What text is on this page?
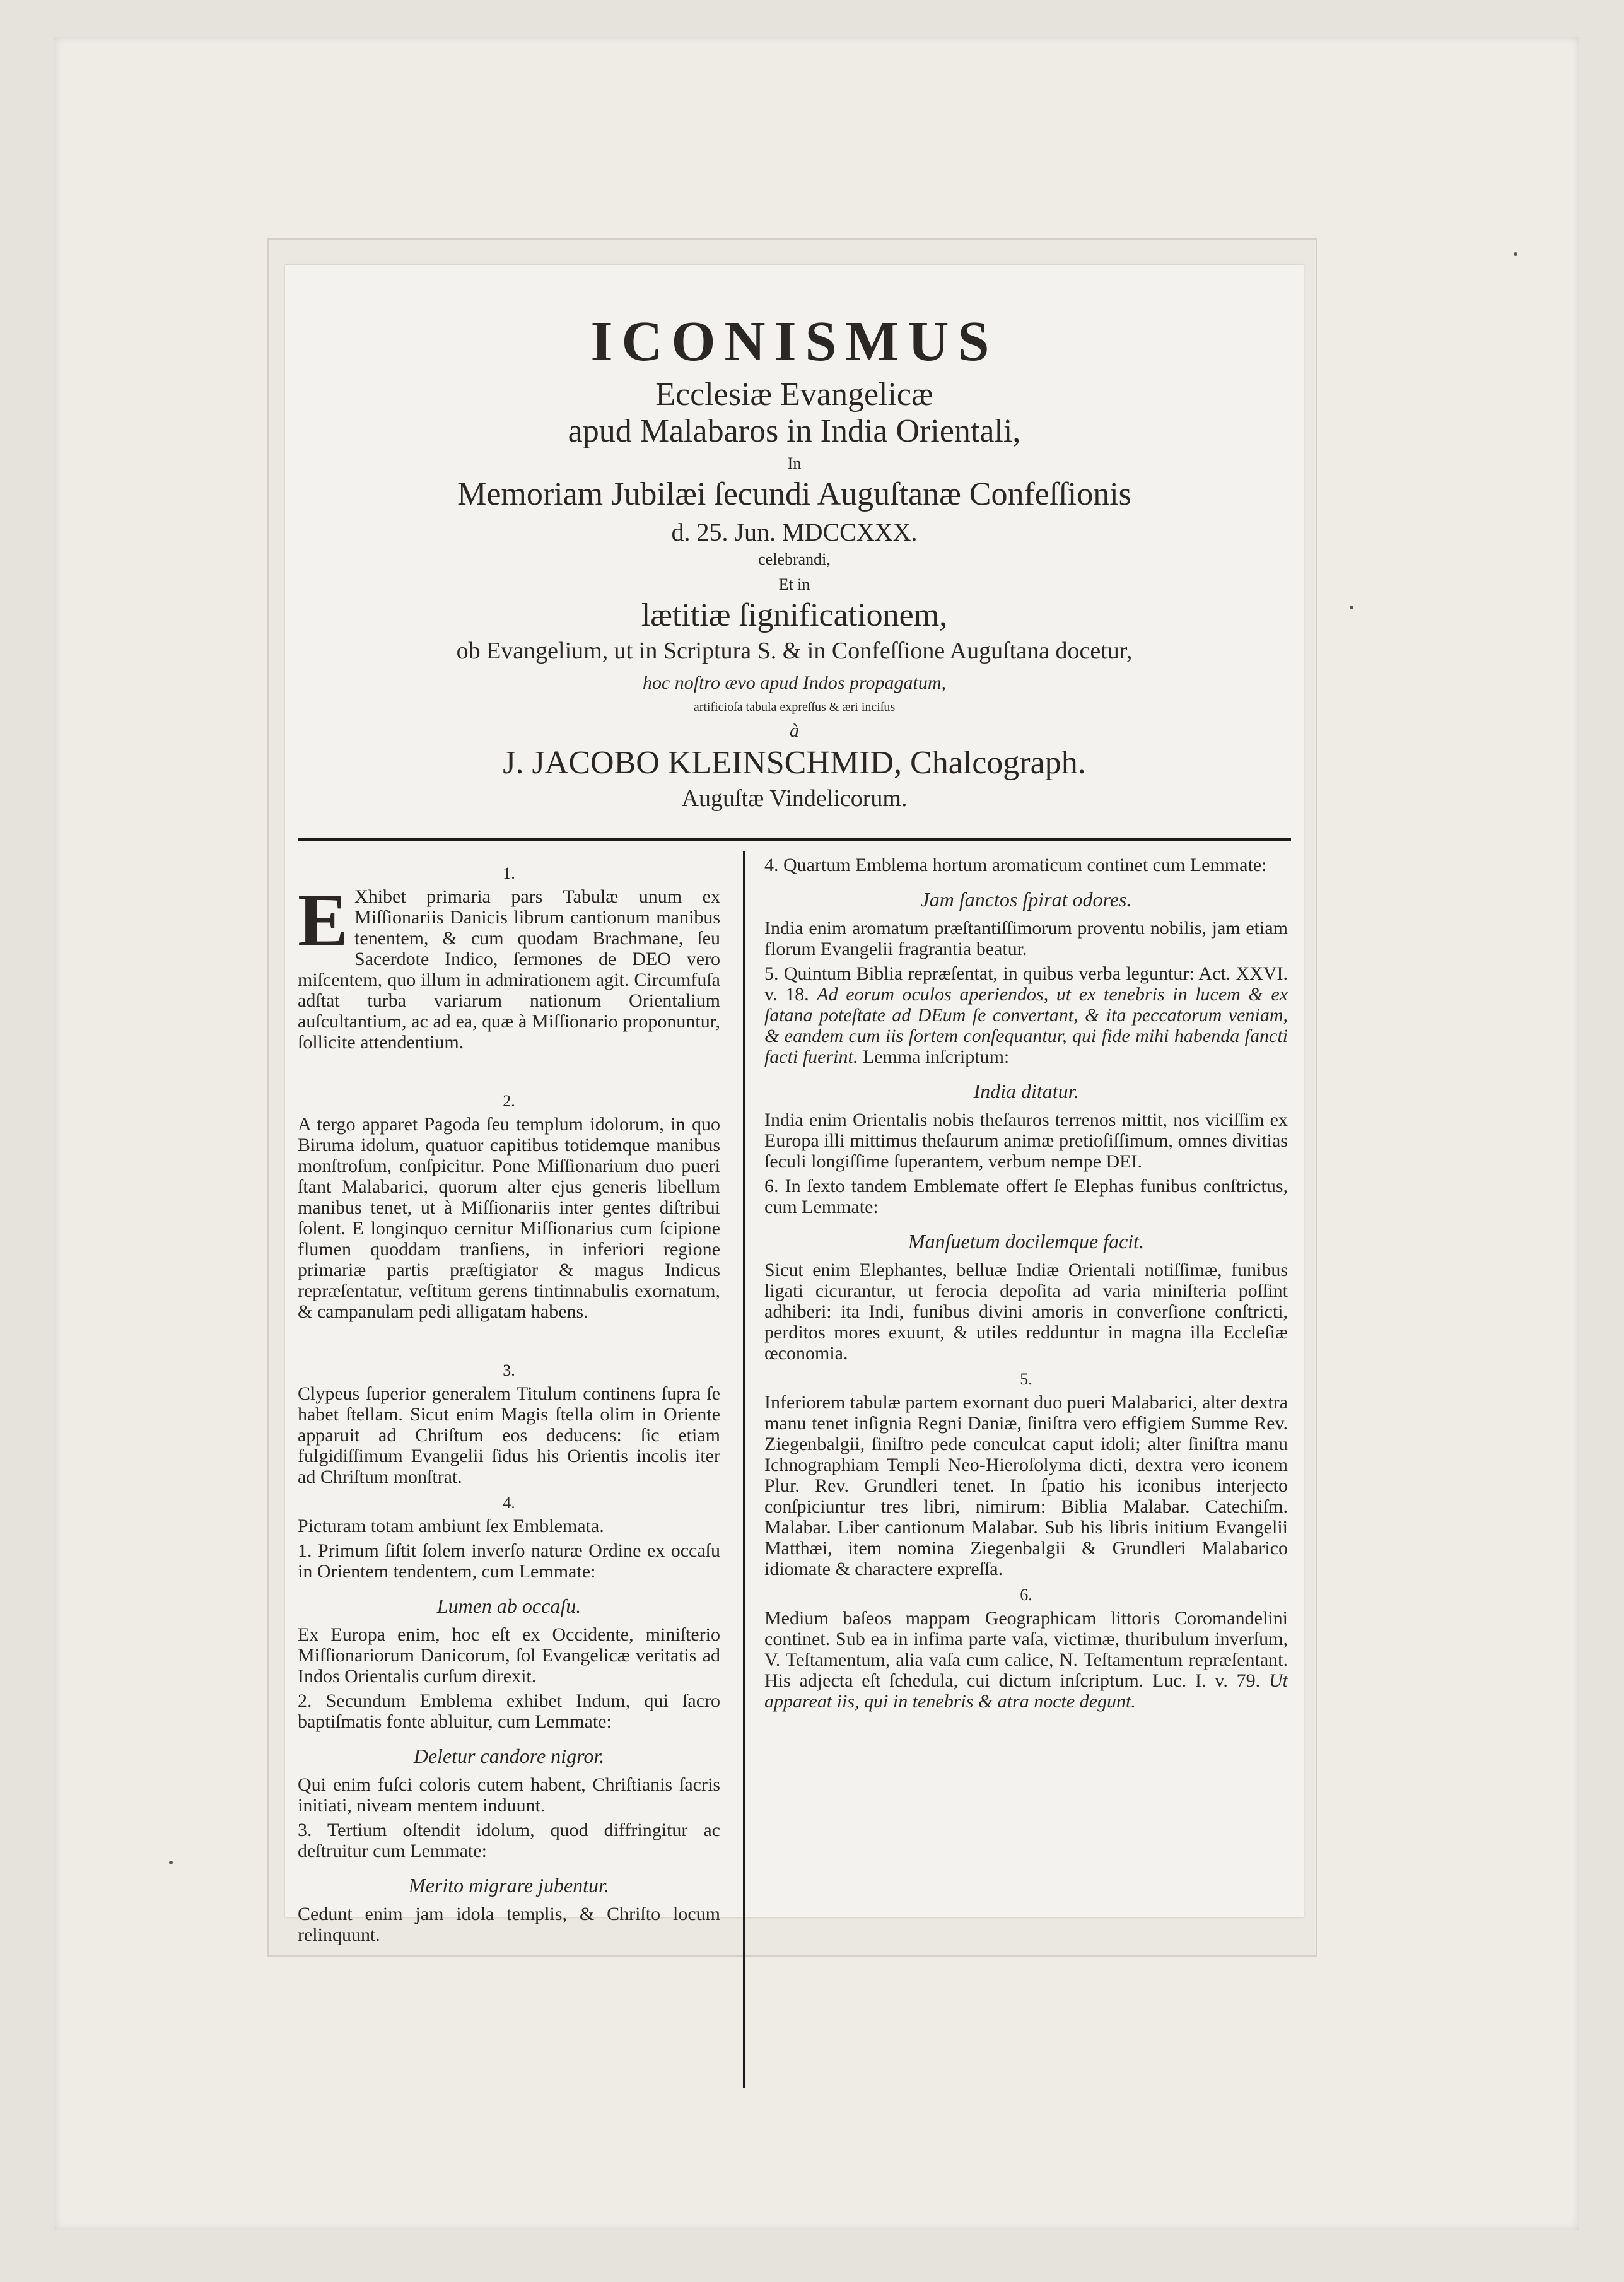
ICONISMUS
Ecclesiæ Evangelicæ
apud Malabaros in India Orientali,
In
Memoriam Jubilæi ſecundi Auguſtanæ Confeſſionis
d. 25. Jun. MDCCXXX.
celebrandi,
Et in
lætitiæ ſignificationem,
ob Evangelium, ut in Scriptura S. & in Confeſſione Auguſtana docetur,
hoc noſtro ævo apud Indos propagatum,
artificioſa tabula expreſſus & æri inciſus
à
J. JACOBO KLEINSCHMID, Chalcograph.
Auguſtæ Vindelicorum.
1.
E Xhibet primaria pars Tabulæ unum ex Miſſionariis Danicis librum cantionum manibus tenentem, & cum quodam Brachmane, ſeu Sacerdote Indico, ſermones de DEO vero miſcentem, quo illum in admirationem agit. Circumfuſa adſtat turba variarum nationum Orientalium auſcultantium, ac ad ea, quæ à Miſſionario proponuntur, ſollicite attendentium.
2.
A tergo apparet Pagoda ſeu templum idolorum, in quo Biruma idolum, quatuor capitibus totidemque manibus monſtroſum, conſpicitur. Pone Miſſionarium duo pueri ſtant Malabarici, quorum alter ejus generis libellum manibus tenet, ut à Miſſionariis inter gentes diſtribui ſolent. E longinquo cernitur Miſſionarius cum ſcipione flumen quoddam tranſiens, in inferiori regione primariæ partis præſtigiator & magus Indicus repræſentatur, veſtitum gerens tintinnabulis exornatum, & campanulam pedi alligatam habens.
3.
Clypeus ſuperior generalem Titulum continens ſupra ſe habet ſtellam. Sicut enim Magis ſtella olim in Oriente apparuit ad Chriſtum eos deducens: ſic etiam fulgidiſſimum Evangelii ſidus his Orientis incolis iter ad Chriſtum monſtrat.
4.
Picturam totam ambiunt ſex Emblemata.
1. Primum ſiſtit ſolem inverſo naturæ Ordine ex occaſu in Orientem tendentem, cum Lemmate:
Lumen ab occaſu.
Ex Europa enim, hoc eſt ex Occidente, miniſterio Miſſionariorum Danicorum, ſol Evangelicæ veritatis ad Indos Orientalis curſum direxit.
2. Secundum Emblema exhibet Indum, qui ſacro baptiſmatis fonte abluitur, cum Lemmate:
Deletur candore nigror.
Qui enim fuſci coloris cutem habent, Chriſtianis ſacris initiati, niveam mentem induunt.
3. Tertium oſtendit idolum, quod diffringitur ac deſtruitur cum Lemmate:
Merito migrare jubentur.
Cedunt enim jam idola templis, & Chriſto locum relinquunt.
4. Quartum Emblema hortum aromaticum continet cum Lemmate:
Jam ſanctos ſpirat odores.
India enim aromatum præſtantiſſimorum proventu nobilis, jam etiam florum Evangelii fragrantia beatur.
5. Quintum Biblia repræſentat, in quibus verba leguntur: Act. XXVI. v. 18. Ad eorum oculos aperiendos, ut ex tenebris in lucem & ex ſatana poteſtate ad DEum ſe convertant, & ita peccatorum veniam, & eandem cum iis ſortem conſequantur, qui fide mihi habenda ſancti facti fuerint. Lemma inſcriptum:
India ditatur.
India enim Orientalis nobis theſauros terrenos mittit, nos viciſſim ex Europa illi mittimus theſaurum animæ pretioſiſſimum, omnes divitias ſeculi longiſſime ſuperantem, verbum nempe DEI.
6. In ſexto tandem Emblemate offert ſe Elephas funibus conſtrictus, cum Lemmate:
Manſuetum docilemque facit.
Sicut enim Elephantes, belluæ Indiæ Orientali notiſſimæ, funibus ligati cicurantur, ut ferocia depoſita ad varia miniſteria poſſint adhiberi: ita Indi, funibus divini amoris in converſione conſtricti, perditos mores exuunt, & utiles redduntur in magna illa Eccleſiæ œconomia.
5.
Inferiorem tabulæ partem exornant duo pueri Malabarici, alter dextra manu tenet inſignia Regni Daniæ, ſiniſtra vero effigiem Summe Rev. Ziegenbalgii, ſiniſtro pede conculcat caput idoli; alter ſiniſtra manu Ichnographiam Templi Neo-Hieroſolyma dicti, dextra vero iconem Plur. Rev. Grundleri tenet. In ſpatio his iconibus interjecto conſpiciuntur tres libri, nimirum: Biblia Malabar. Catechiſm. Malabar. Liber cantionum Malabar. Sub his libris initium Evangelii Matthæi, item nomina Ziegenbalgii & Grundleri Malabarico idiomate & charactere expreſſa.
6.
Medium baſeos mappam Geographicam littoris Coromandelini continet. Sub ea in infima parte vaſa, victimæ, thuribulum inverſum, V. Teſtamentum, alia vaſa cum calice, N. Teſtamentum repræſentant. His adjecta eſt ſchedula, cui dictum inſcriptum. Luc. I. v. 79. Ut appareat iis, qui in tenebris & atra nocte degunt.
